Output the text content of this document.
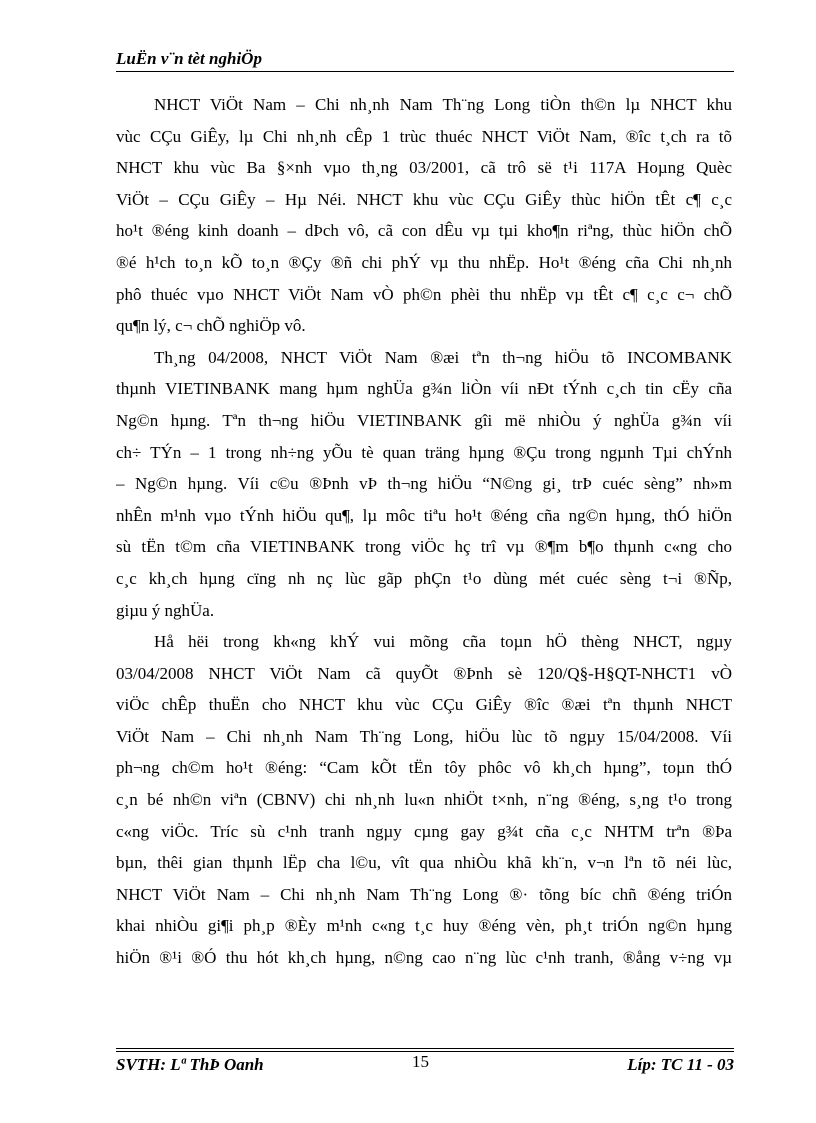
LuËn v¨n tèt nghiÖp
NHCT ViÖt Nam – Chi nh¸nh Nam Th¨ng Long tiÒn th©n lµ NHCT khu
vùc CÇu GiÊy, lµ Chi nh¸nh cÊp 1 trùc thuéc NHCT ViÖt Nam, ®îc t¸ch ra tõ
NHCT khu vùc Ba §×nh vµo th¸ng 03/2001, cã trô së t¹i 117A Hoµng Quèc
ViÖt – CÇu GiÊy – Hµ Néi. NHCT khu vùc CÇu GiÊy thùc hiÖn tÊt c¶ c¸c
ho¹t ®éng kinh doanh – dÞch vô, cã con dÊu vµ tµi kho¶n riªng, thùc hiÖn chÕ
®é h¹ch to¸n kÕ to¸n ®Çy ®ñ chi phÝ vµ thu nhËp. Ho¹t ®éng cña Chi nh¸nh
phô thuéc vµo NHCT ViÖt Nam vÒ ph©n phèi thu nhËp vµ tÊt c¶ c¸c c¬ chÕ
qu¶n lý, c¬ chÕ nghiÖp vô.
Th¸ng 04/2008, NHCT ViÖt Nam ®æi tªn th¬ng hiÖu tõ INCOMBANK
thµnh VIETINBANK mang hµm nghÜa g¾n liÒn víi nÐt tÝnh c¸ch tin cËy cña
Ng©n hµng. Tªn th¬ng hiÖu VIETINBANK gîi më nhiÒu ý nghÜa g¾n víi
ch÷ TÝn – 1 trong nh÷ng yÕu tè quan träng hµng ®Çu trong ngµnh Tµi chÝnh
– Ng©n hµng. Víi c©u ®Þnh vÞ th¬ng hiÖu “N©ng gi¸ trÞ cuéc sèng” nh»m
nhÊn m¹nh vµo tÝnh hiÖu qu¶, lµ môc tiªu ho¹t ®éng cña ng©n hµng, thÓ hiÖn
sù tËn t©m cña VIETINBANK trong viÖc hç trî vµ ®¶m b¶o thµnh c«ng cho
c¸c kh¸ch hµng cïng nh nç lùc gãp phÇn t¹o dùng mét cuéc sèng t¬i ®Ñp,
giµu ý nghÜa.
Hå hëi trong kh«ng khÝ vui mõng cña toµn hÖ thèng NHCT, ngµy
03/04/2008 NHCT ViÖt Nam cã quyÕt ®Þnh sè 120/Q§-H§QT-NHCT1 vÒ
viÖc chÊp thuËn cho NHCT khu vùc CÇu GiÊy ®îc ®æi tªn thµnh NHCT
ViÖt Nam – Chi nh¸nh Nam Th¨ng Long, hiÖu lùc tõ ngµy 15/04/2008. Víi
ph¬ng ch©m ho¹t ®éng: “Cam kÕt tËn tôy phôc vô kh¸ch hµng”, toµn thÓ
c¸n bé nh©n viªn (CBNV) chi nh¸nh lu«n nhiÖt t×nh, n¨ng ®éng, s¸ng t¹o trong
c«ng viÖc. Tríc sù c¹nh tranh ngµy cµng gay g¾t cña c¸c NHTM trªn ®Þa
bµn, thêi gian thµnh lËp cha l©u, vît qua nhiÒu khã kh¨n, v¬n lªn tõ néi lùc,
NHCT ViÖt Nam – Chi nh¸nh Nam Th¨ng Long ®· tõng bíc chñ ®éng triÓn
khai nhiÒu gi¶i ph¸p ®Èy m¹nh c«ng t¸c huy ®éng vèn, ph¸t triÓn ng©n hµng
hiÖn ®¹i ®Ó thu hót kh¸ch hµng, n©ng cao n¨ng lùc c¹nh tranh, ®ång v÷ng vµ
SVTH: Lª ThÞ Oanh	15	Líp: TC 11 - 03
